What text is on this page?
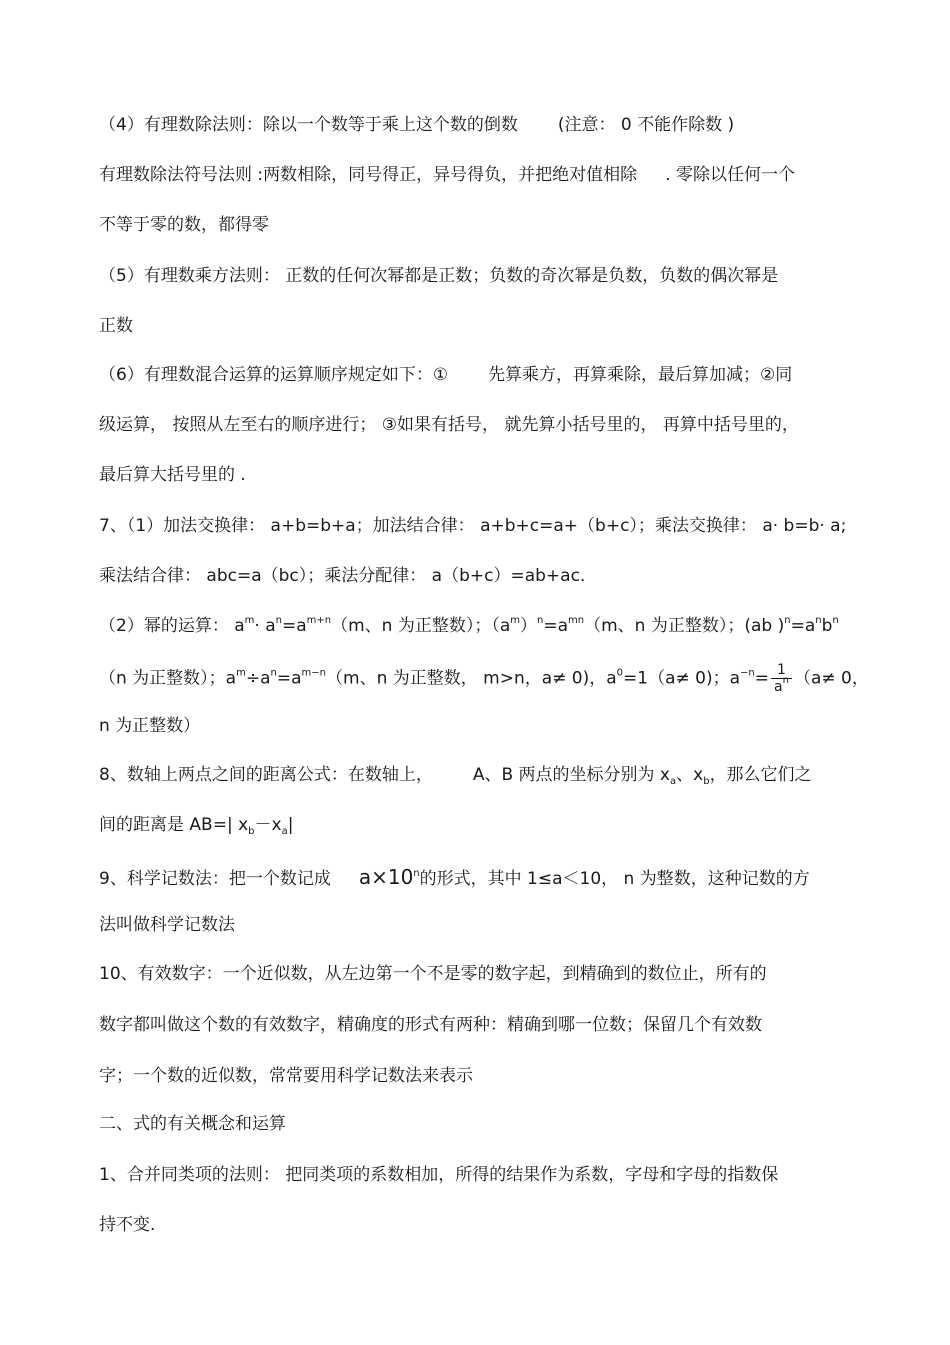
（4）有理数除法则：除以一个数等于乘上这个数的倒数 (注意： 0 不能作除数 )
有理数除法符号法则 :两数相除，同号得正，异号得负，并把绝对值相除 . 零除以任何一个
不等于零的数，都得零
（5）有理数乘方法则： 正数的任何次幂都是正数；负数的奇次幂是负数，负数的偶次幂是
正数
（6）有理数混合运算的运算顺序规定如下：① 先算乘方，再算乘除，最后算加减；②同
级运算， 按照从左至右的顺序进行； ③如果有括号， 就先算小括号里的， 再算中括号里的，
最后算大括号里的 .
7、（1）加法交换律： a+b=b+a；加法结合律： a+b+c=a+（b+c）；乘法交换律： a· b=b· a;
乘法结合律： abc=a（bc）；乘法分配律： a（b+c）=ab+ac.
（2）幂的运算： $a^m\cdot a^n=a^{m+n}(m$、n 为正整数）；$(a^m)^n=a^{mn}(m$、n 为正整数）；(ab )$^n=a^nb^n$
（n 为正整数）；$a^m\div a^n=a^{m-n}(m$、n 为正整数， m>n，a≠ 0)，$a^0=1(a\ne 0)$；$a^{-n}= \frac{1}{a^n} (a\ne 0$，
n 为正整数）
8、数轴上两点之间的距离公式：在数轴上， A、B 两点的坐标分别为 $x_a$、$x_b$，那么它们之
间的距离是 AB=| $x_b-x_a|$
9、科学记数法：把一个数记成 $a\times 10^n$的形式，其中 1≤a＜10， n 为整数，这种记数的方
法叫做科学记数法
10、有效数字：一个近似数，从左边第一个不是零的数字起，到精确到的数位止，所有的
数字都叫做这个数的有效数字，精确度的形式有两种：精确到哪一位数；保留几个有效数
字；一个数的近似数，常常要用科学记数法来表示
二、式的有关概念和运算
1、合并同类项的法则： 把同类项的系数相加，所得的结果作为系数，字母和字母的指数保
持不变.
